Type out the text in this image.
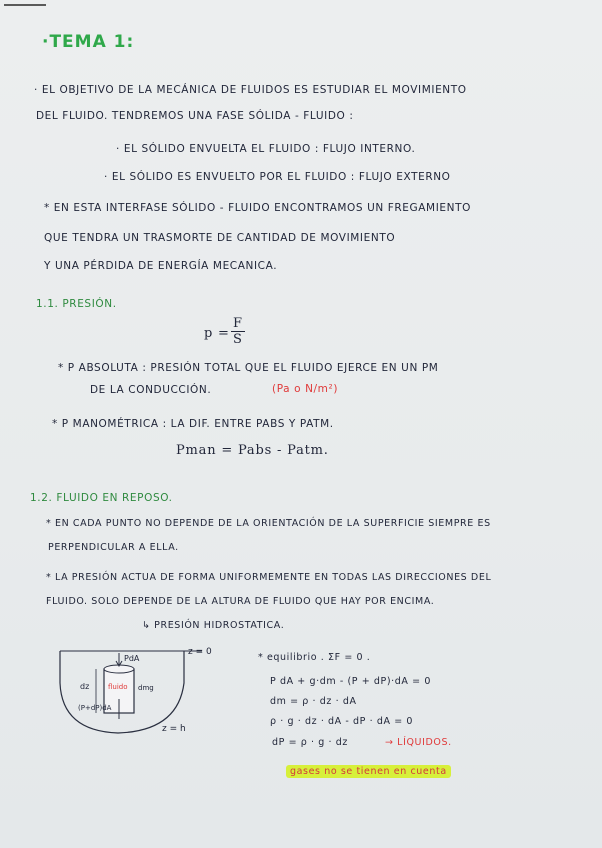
·TEMA 1:
· EL OBJETIVO DE LA MECÁNICA DE FLUIDOS ES ESTUDIAR EL MOVIMIENTO
DEL FLUIDO. TENDREMOS UNA FASE SÓLIDA - FLUIDO :
· EL SÓLIDO ENVUELTA EL FLUIDO : FLUJO INTERNO.
· EL SÓLIDO ES ENVUELTO POR EL FLUIDO : FLUJO EXTERNO
* EN ESTA INTERFASE SÓLIDO - FLUIDO ENCONTRAMOS UN FREGAMIENTO
QUE TENDRA UN TRASMORTE DE CANTIDAD DE MOVIMIENTO
Y UNA PÉRDIDA DE ENERGÍA MECANICA.
1.1. PRESIÓN.
p =
F
S
* P ABSOLUTA : PRESIÓN TOTAL QUE EL FLUIDO EJERCE EN UN PM
DE LA CONDUCCIÓN.	(Pa o N/m²)
* P MANOMÉTRICA : LA DIF. ENTRE PABS Y PATM.
Pman = Pabs - Patm.
1.2. FLUIDO EN REPOSO.
* EN CADA PUNTO NO DEPENDE DE LA ORIENTACIÓN DE LA SUPERFICIE SIEMPRE ES
PERPENDICULAR A ELLA.
* LA PRESIÓN ACTUA DE FORMA UNIFORMEMENTE EN TODAS LAS DIRECCIONES DEL
FLUIDO. SOLO DEPENDE DE LA ALTURA DE FLUIDO QUE HAY POR ENCIMA.
↳ PRESIÓN HIDROSTATICA.
PdA
z = 0
z = h
dz	fluido dmg
(P+dP)dA
* equilibrio . ΣF = 0 .
P dA + g·dm - (P + dP)·dA = 0
dm = ρ · dz · dA
ρ · g · dz · dA - dP · dA = 0
dP = ρ · g · dz	→ LÍQUIDOS.
gases no se tienen en cuenta
